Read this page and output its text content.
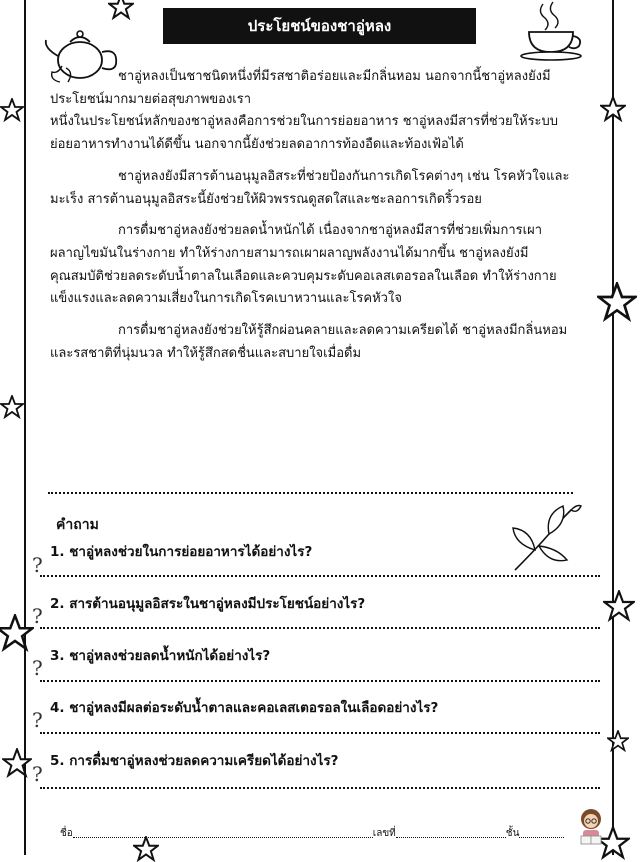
ประโยชน์ของชาอู่หลง

ชาอู่หลงเป็นชาชนิดหนึ่งที่มีรสชาติอร่อยและมีกลิ่นหอม นอกจากนี้ชาอู่หลงยังมีประโยชน์มากมายต่อสุขภาพของเรา

หนึ่งในประโยชน์หลักของชาอู่หลงคือการช่วยในการย่อยอาหาร ชาอู่หลงมีสารที่ช่วยให้ระบบย่อยอาหารทำงานได้ดีขึ้น นอกจากนี้ยังช่วยลดอาการท้องอืดและท้องเฟ้อได้

ชาอู่หลงยังมีสารต้านอนุมูลอิสระที่ช่วยป้องกันการเกิดโรคต่างๆ เช่น โรคหัวใจและมะเร็ง สารต้านอนุมูลอิสระนี้ยังช่วยให้ผิวพรรณดูสดใสและชะลอการเกิดริ้วรอย

การดื่มชาอู่หลงยังช่วยลดน้ำหนักได้ เนื่องจากชาอู่หลงมีสารที่ช่วยเพิ่มการเผาผลาญไขมันในร่างกาย ทำให้ร่างกายสามารถเผาผลาญพลังงานได้มากขึ้น ชาอู่หลงยังมีคุณสมบัติช่วยลดระดับน้ำตาลในเลือดและควบคุมระดับคอเลสเตอรอลในเลือด ทำให้ร่างกายแข็งแรงและลดความเสี่ยงในการเกิดโรคเบาหวานและโรคหัวใจ

การดื่มชาอู่หลงยังช่วยให้รู้สึกผ่อนคลายและลดความเครียดได้ ชาอู่หลงมีกลิ่นหอมและรสชาติที่นุ่มนวล ทำให้รู้สึกสดชื่นและสบายใจเมื่อดื่ม

คำถาม
1. ชาอู่หลงช่วยในการย่อยอาหารได้อย่างไร?
?
2. สารต้านอนุมูลอิสระในชาอู่หลงมีประโยชน์อย่างไร?
?
3. ชาอู่หลงช่วยลดน้ำหนักได้อย่างไร?
?
4. ชาอู่หลงมีผลต่อระดับน้ำตาลและคอเลสเตอรอลในเลือดอย่างไร?
?
5. การดื่มชาอู่หลงช่วยลดความเครียดได้อย่างไร?
?
ชื่อ	เลขที่	ชั้น
